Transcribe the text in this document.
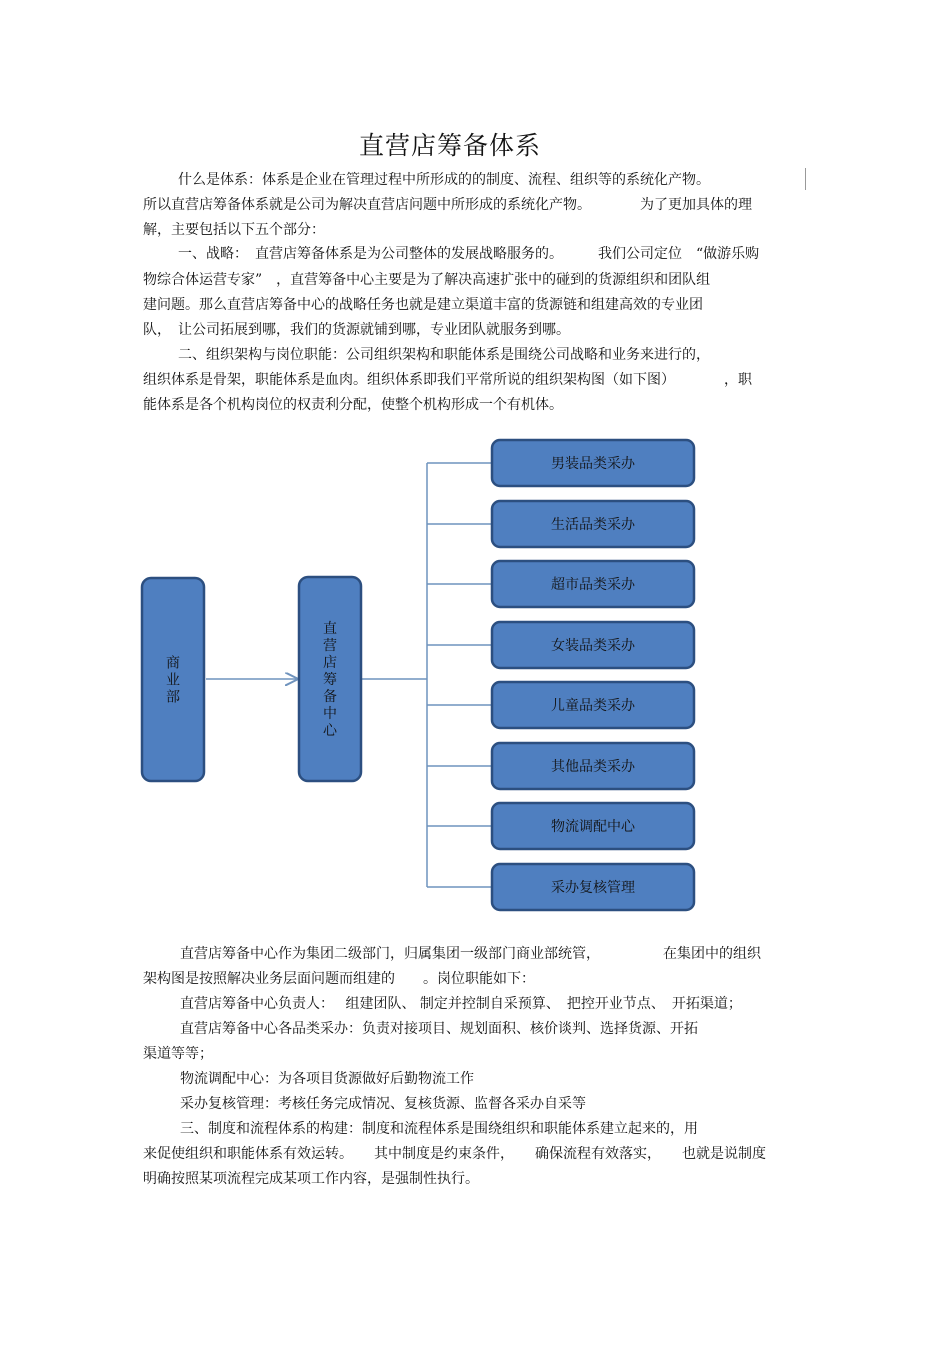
直营店筹备体系
什么是体系：体系是企业在管理过程中所形成的的制度、流程、组织等的系统化产物。
所以直营店筹备体系就是公司为解决直营店问题中所形成的系统化产物。　　　　为了更加具体的理
解，主要包括以下五个部分：
一、战略：　直营店筹备体系是为公司整体的发展战略服务的。　　　我们公司定位　“做游乐购
物综合体运营专家”　，直营筹备中心主要是为了解决高速扩张中的碰到的货源组织和团队组
建问题。那么直营店筹备中心的战略任务也就是建立渠道丰富的货源链和组建高效的专业团
队，　让公司拓展到哪，我们的货源就铺到哪，专业团队就服务到哪。
二、组织架构与岗位职能：公司组织架构和职能体系是围绕公司战略和业务来进行的，
组织体系是骨架，职能体系是血肉。组织体系即我们平常所说的组织架构图（如下图）　　　　，职
能体系是各个机构岗位的权责利分配，使整个机构形成一个有机体。
商
业
部
直
营
店
筹
备
中
心
男装品类采办
生活品类采办
超市品类采办
女装品类采办
儿童品类采办
其他品类采办
物流调配中心
采办复核管理
直营店筹备中心作为集团二级部门，归属集团一级部门商业部统管，　　　　　在集团中的组织
架构图是按照解决业务层面问题而组建的　　。岗位职能如下：
直营店筹备中心负责人：　 组建团队、 制定并控制自采预算、　把控开业节点、　开拓渠道；
直营店筹备中心各品类采办：负责对接项目、规划面积、核价谈判、选择货源、开拓
渠道等等；
物流调配中心：为各项目货源做好后勤物流工作
采办复核管理：考核任务完成情况、复核货源、监督各采办自采等
三、制度和流程体系的构建：制度和流程体系是围绕组织和职能体系建立起来的，用
来促使组织和职能体系有效运转。　　其中制度是约束条件，　　确保流程有效落实，　　也就是说制度
明确按照某项流程完成某项工作内容，是强制性执行。
